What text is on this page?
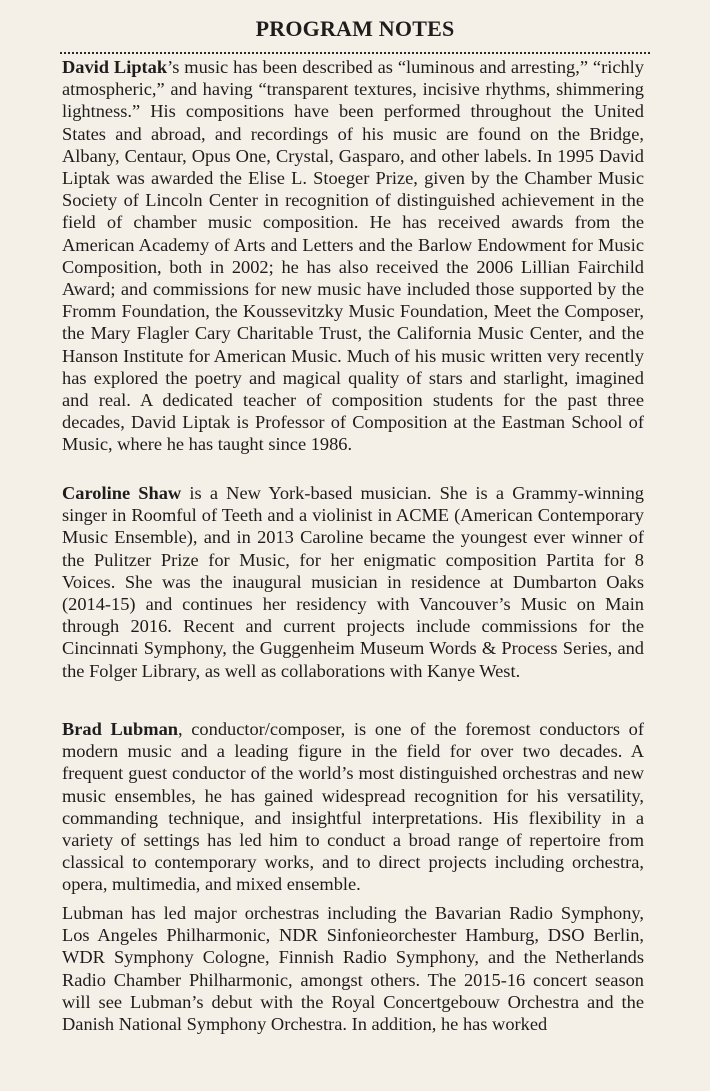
PROGRAM NOTES
David Liptak’s music has been described as “luminous and arresting,” “richly atmospheric,” and having “transparent textures, incisive rhythms, shimmering lightness.” His compositions have been performed throughout the United States and abroad, and recordings of his music are found on the Bridge, Albany, Centaur, Opus One, Crystal, Gasparo, and other labels. In 1995 David Liptak was awarded the Elise L. Stoeger Prize, given by the Chamber Music Society of Lincoln Center in recognition of distinguished achievement in the field of chamber music composition. He has received awards from the American Academy of Arts and Letters and the Barlow Endowment for Music Composition, both in 2002; he has also received the 2006 Lillian Fairchild Award; and commissions for new music have included those supported by the Fromm Foundation, the Koussevitzky Music Foundation, Meet the Composer, the Mary Flagler Cary Charitable Trust, the California Music Center, and the Hanson Institute for American Music. Much of his music written very recently has explored the poetry and magical quality of stars and starlight, imagined and real. A dedicated teacher of composition students for the past three decades, David Liptak is Professor of Composition at the Eastman School of Music, where he has taught since 1986.
Caroline Shaw is a New York-based musician. She is a Grammy-winning singer in Roomful of Teeth and a violinist in ACME (American Contemporary Music Ensemble), and in 2013 Caroline became the youngest ever winner of the Pulitzer Prize for Music, for her enigmatic composition Partita for 8 Voices. She was the inaugural musician in residence at Dumbarton Oaks (2014-15) and continues her residency with Vancouver’s Music on Main through 2016. Recent and current projects include commissions for the Cincinnati Symphony, the Guggenheim Museum Words & Process Series, and the Folger Library, as well as collaborations with Kanye West.
Brad Lubman, conductor/composer, is one of the foremost conductors of modern music and a leading figure in the field for over two decades. A frequent guest conductor of the world’s most distinguished orchestras and new music ensembles, he has gained widespread recognition for his versatility, commanding technique, and insightful interpretations. His flexibility in a variety of settings has led him to conduct a broad range of repertoire from classical to contemporary works, and to direct projects including orchestra, opera, multimedia, and mixed ensemble.
Lubman has led major orchestras including the Bavarian Radio Symphony, Los Angeles Philharmonic, NDR Sinfonieorchester Hamburg, DSO Berlin, WDR Symphony Cologne, Finnish Radio Symphony, and the Netherlands Radio Chamber Philharmonic, amongst others. The 2015-16 concert season will see Lubman’s debut with the Royal Concertgebouw Orchestra and the Danish National Symphony Orchestra. In addition, he has worked
